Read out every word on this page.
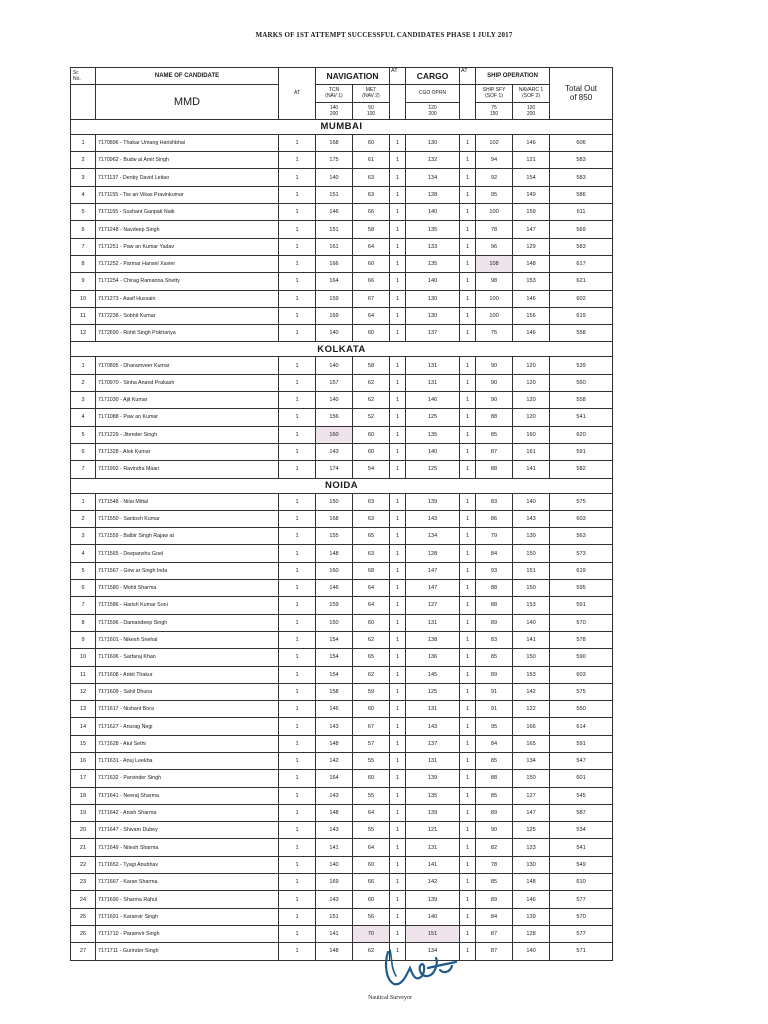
MARKS OF 1ST ATTEMPT SUCCESSFUL CANDIDATES PHASE I JULY 2017
Sr.
No.	NAME OF CANDIDATE	AT	NAVIGATION		AT	CARGO	AT	SHIP OPERATION		Total Out
of 850
	MMD		TCN
(NAV 1)	MET
(NAV 2)		CGO OPRN		SHIP SFY
(SOF 1)	NAVARC 1
(SOF 2)	
			140
200	50
100		120
200		75
150	120
200	
MUMBAI										
1	7170896 - Thakar Umang Harishbhai	1	168	60	1	130	1	102	146	606
2	7170962 - Budw al Amit Singh	1	175	61	1	132	1	94	121	583
3	7171137 - Denby David Leitao	1	140	63	1	134	1	92	154	583
4	7171155 - Tiw ari Vikas Pravinkumar	1	151	63	1	128	1	95	149	586
5	7171165 - Sushant Ganpati Naik	1	146	66	1	140	1	100	159	611
6	7171248 - Navdeep Singh	1	151	58	1	135	1	78	147	569
7	7171251 - Paw an Kumar Yadav	1	161	64	1	133	1	96	129	583
8	7171252 - Parmar Hansel Xavier	1	166	60	1	135	1	108	148	617
9	7171254 - Chirag Ramanna Shetty	1	164	66	1	140	1	98	153	621
10	7171273 - Aasif Hussain	1	159	67	1	130	1	100	146	602
11	7172238 - Sobhit Kumar	1	169	64	1	130	1	100	156	619
12	7172690 - Rohit Singh Pokhariya	1	140	60	1	137	1	75	146	558
KOLKATA										
1	7170895 - Dharamveer Kumar	1	140	58	1	131	1	90	120	539
2	7170970 - Sinha Anand Prakash	1	157	62	1	131	1	90	120	560
3	7171030 - Ajit Kumar	1	140	62	1	146	1	90	120	558
4	7171088 - Paw an Kumar	1	156	52	1	125	1	88	120	541
5	7171229 - Jitender Singh	1	160	60	1	135	1	85	160	620
6	7171328 - Alok Kumar	1	143	60	1	140	1	87	161	591
7	7171992 - Ravindra Maan	1	174	54	1	125	1	88	141	582
NOIDA										
1	7171548 - Nitai Mittal	1	150	63	1	139	1	83	140	575
2	7171550 - Santosh Kumar	1	168	63	1	143	1	86	143	603
3	7171559 - Balbir Singh Rajaw at	1	155	65	1	134	1	79	130	563
4	7171565 - Deepanshu Goel	1	148	63	1	128	1	84	150	573
5	7171567 - Girw ar Singh Inda	1	160	68	1	147	1	93	151	619
6	7171580 - Mohit Sharma	1	146	64	1	147	1	88	150	595
7	7171586 - Harish Kumar Soni	1	159	64	1	127	1	88	153	591
8	7171596 - Damandeep Singh	1	150	60	1	131	1	89	140	570
9	7171601 - Nikesh Snehal	1	154	62	1	138	1	83	141	578
10	7171606 - Sarfaraj Khan	1	154	65	1	136	1	85	150	590
11	7171608 - Ankit Thakur	1	154	62	1	145	1	89	153	603
12	7171609 - Sahil Dhuna	1	158	59	1	125	1	91	142	575
13	7171617 - Nishant Bora	1	146	60	1	131	1	91	122	550
14	7171627 - Anurag Negi	1	143	67	1	143	1	95	166	614
15	7171628 - Atul Sethi	1	148	57	1	137	1	84	165	591
16	7171631 - Anuj Leekha	1	142	55	1	131	1	85	134	547
17	7171632 - Parvinder Singh	1	164	60	1	139	1	88	150	601
18	7171641 - Neeraj Sharma	1	143	55	1	135	1	85	127	545
19	7171642 - Anish Sharma	1	148	64	1	139	1	89	147	587
20	7171647 - Shivam Dubey	1	143	55	1	121	1	90	125	534
21	7171649 - Nitesh Sharma	1	141	64	1	131	1	82	123	541
22	7171652 - Tyagi Anubhav	1	140	60	1	141	1	78	130	549
23	7171667 - Karan Sharma	1	169	66	1	142	1	85	148	610
24	7171690 - Sharma Rahul	1	143	60	1	139	1	89	146	577
25	7171691 - Karanvir Singh	1	151	56	1	140	1	84	139	570
26	7171710 - Paramvir Singh	1	141	70	1	151	1	87	128	577
27	7171711 - Gurinder Singh	1	148	62	1	134	1	87	140	571
Nautical Surveyor
